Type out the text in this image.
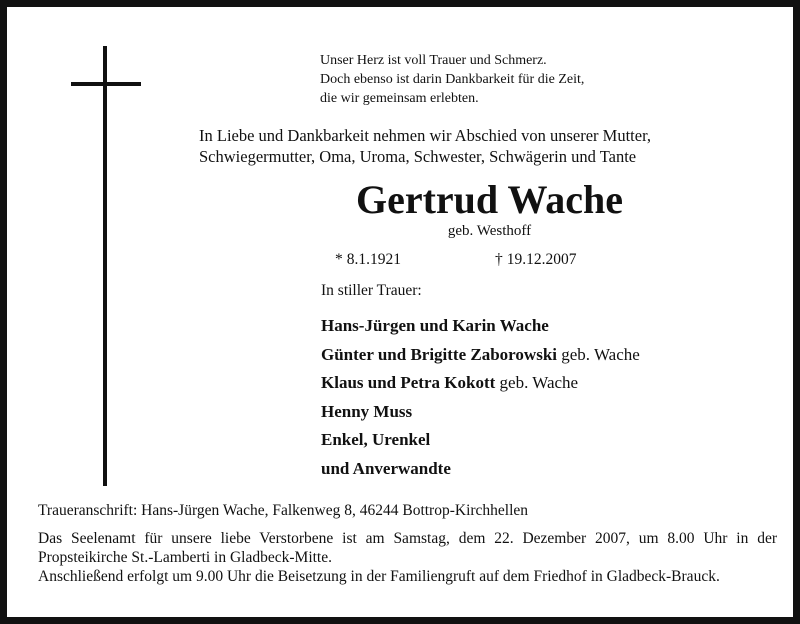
Unser Herz ist voll Trauer und Schmerz.
Doch ebenso ist darin Dankbarkeit für die Zeit,
die wir gemeinsam erlebten.
In Liebe und Dankbarkeit nehmen wir Abschied von unserer Mutter,
Schwiegermutter, Oma, Uroma, Schwester, Schwägerin und Tante
Gertrud Wache
geb. Westhoff
* 8.1.1921	† 19.12.2007
In stiller Trauer:
Hans-Jürgen und Karin Wache
Günter und Brigitte Zaborowski geb. Wache
Klaus und Petra Kokott geb. Wache
Henny Muss
Enkel, Urenkel
und Anverwandte
Traueranschrift: Hans-Jürgen Wache, Falkenweg 8, 46244 Bottrop-Kirchhellen

Das Seelenamt für unsere liebe Verstorbene ist am Samstag, dem 22. Dezember 2007, um 8.00 Uhr in der Propsteikirche St.-Lamberti in Gladbeck-Mitte.

Anschließend erfolgt um 9.00 Uhr die Beisetzung in der Familiengruft auf dem Friedhof in Gladbeck-Brauck.
